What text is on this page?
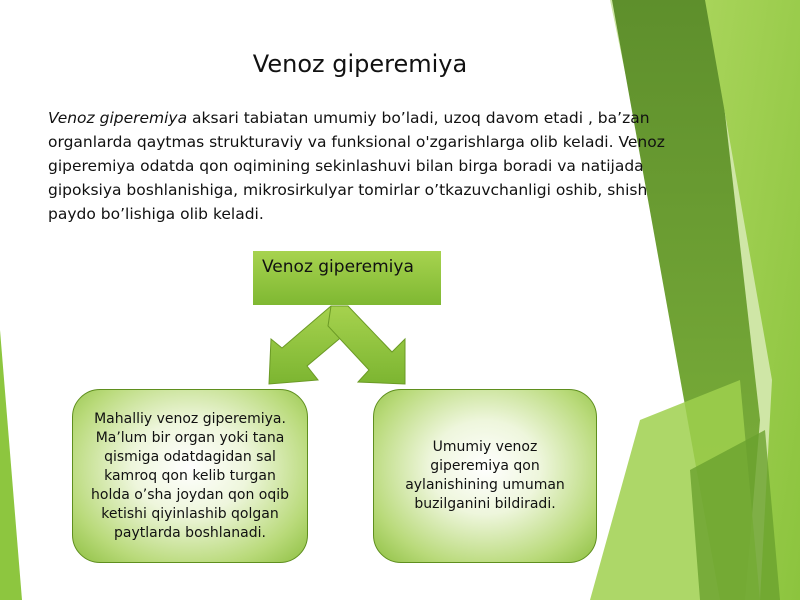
Venoz giperemiya
Venoz giperemiya aksari tabiatan umumiy bo’ladi, uzoq davom etadi , ba’zan organlarda qaytmas strukturaviy va funksional o'zgarishlarga olib keladi. Venoz giperemiya odatda qon oqimining sekinlashuvi bilan birga boradi va natijada gipoksiya boshlanishiga, mikrosirkulyar tomirlar o’tkazuvchanligi oshib, shish paydo bo’lishiga olib keladi.
Venoz giperemiya
Mahalliy venoz giperemiya. Ma’lum bir organ yoki tana qismiga odatdagidan sal kamroq qon kelib turgan holda o’sha joydan qon oqib ketishi qiyinlashib qolgan paytlarda boshlanadi.
Umumiy venoz giperemiya qon aylanishining umuman buzilganini bildiradi.
